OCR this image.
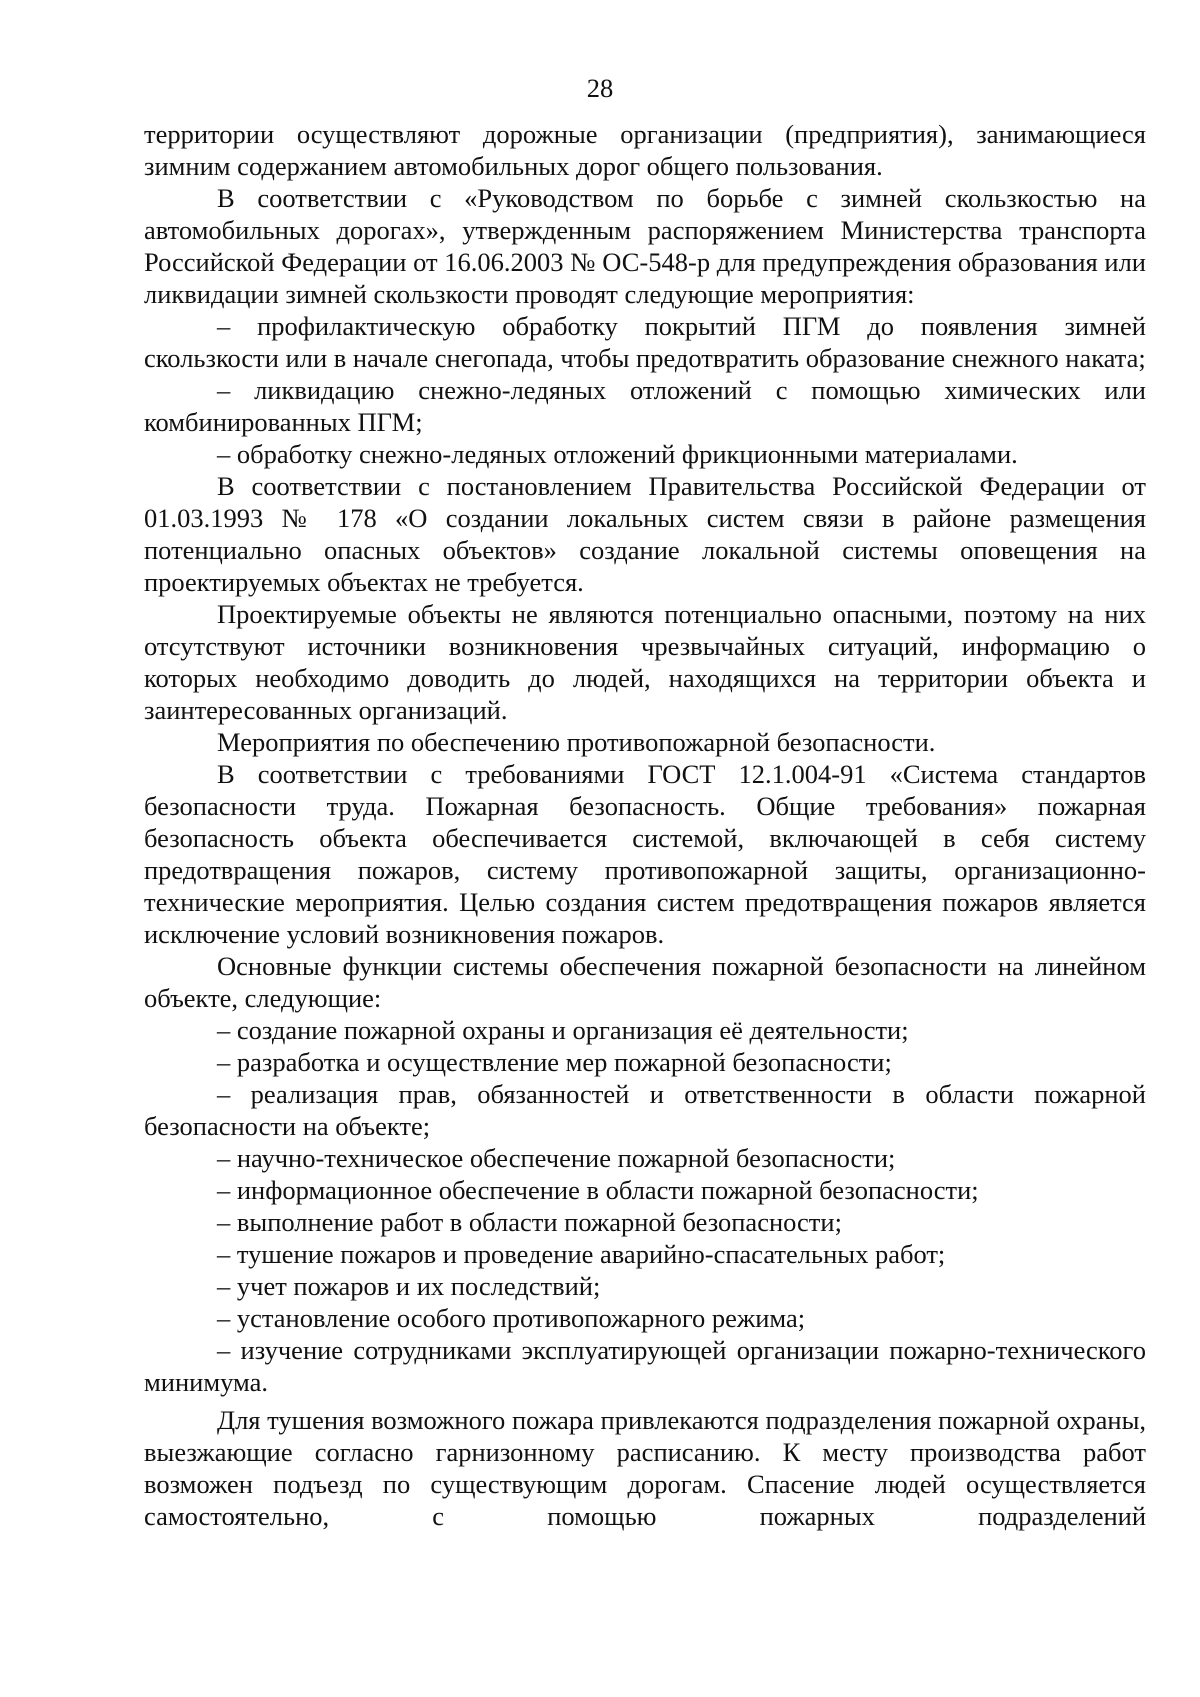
28

территории осуществляют дорожные организации (предприятия), занимающиеся зимним содержанием автомобильных дорог общего пользования.

В соответствии с «Руководством по борьбе с зимней скользкостью на автомобильных дорогах», утвержденным распоряжением Министерства транспорта Российской Федерации от 16.06.2003 № ОС-548-р для предупреждения образования или ликвидации зимней скользкости проводят следующие мероприятия:

– профилактическую обработку покрытий ПГМ до появления зимней скользкости или в начале снегопада, чтобы предотвратить образование снежного наката;

– ликвидацию снежно-ледяных отложений с помощью химических или комбинированных ПГМ;

– обработку снежно-ледяных отложений фрикционными материалами.

В соответствии с постановлением Правительства Российской Федерации от 01.03.1993 № 178 «О создании локальных систем связи в районе размещения потенциально опасных объектов» создание локальной системы оповещения на проектируемых объектах не требуется.

Проектируемые объекты не являются потенциально опасными, поэтому на них отсутствуют источники возникновения чрезвычайных ситуаций, информацию о которых необходимо доводить до людей, находящихся на территории объекта и заинтересованных организаций.

Мероприятия по обеспечению противопожарной безопасности.

В соответствии с требованиями ГОСТ 12.1.004-91 «Система стандартов безопасности труда. Пожарная безопасность. Общие требования» пожарная безопасность объекта обеспечивается системой, включающей в себя систему предотвращения пожаров, систему противопожарной защиты, организационно-технические мероприятия. Целью создания систем предотвращения пожаров является исключение условий возникновения пожаров.

Основные функции системы обеспечения пожарной безопасности на линейном объекте, следующие:

– создание пожарной охраны и организация её деятельности;

– разработка и осуществление мер пожарной безопасности;

– реализация прав, обязанностей и ответственности в области пожарной безопасности на объекте;

– научно-техническое обеспечение пожарной безопасности;

– информационное обеспечение в области пожарной безопасности;

– выполнение работ в области пожарной безопасности;

– тушение пожаров и проведение аварийно-спасательных работ;

– учет пожаров и их последствий;

– установление особого противопожарного режима;

– изучение сотрудниками эксплуатирующей организации пожарно-технического минимума.

Для тушения возможного пожара привлекаются подразделения пожарной охраны, выезжающие согласно гарнизонному расписанию. К месту производства работ возможен подъезд по существующим дорогам. Спасение людей осуществляется самостоятельно, с помощью пожарных подразделений
